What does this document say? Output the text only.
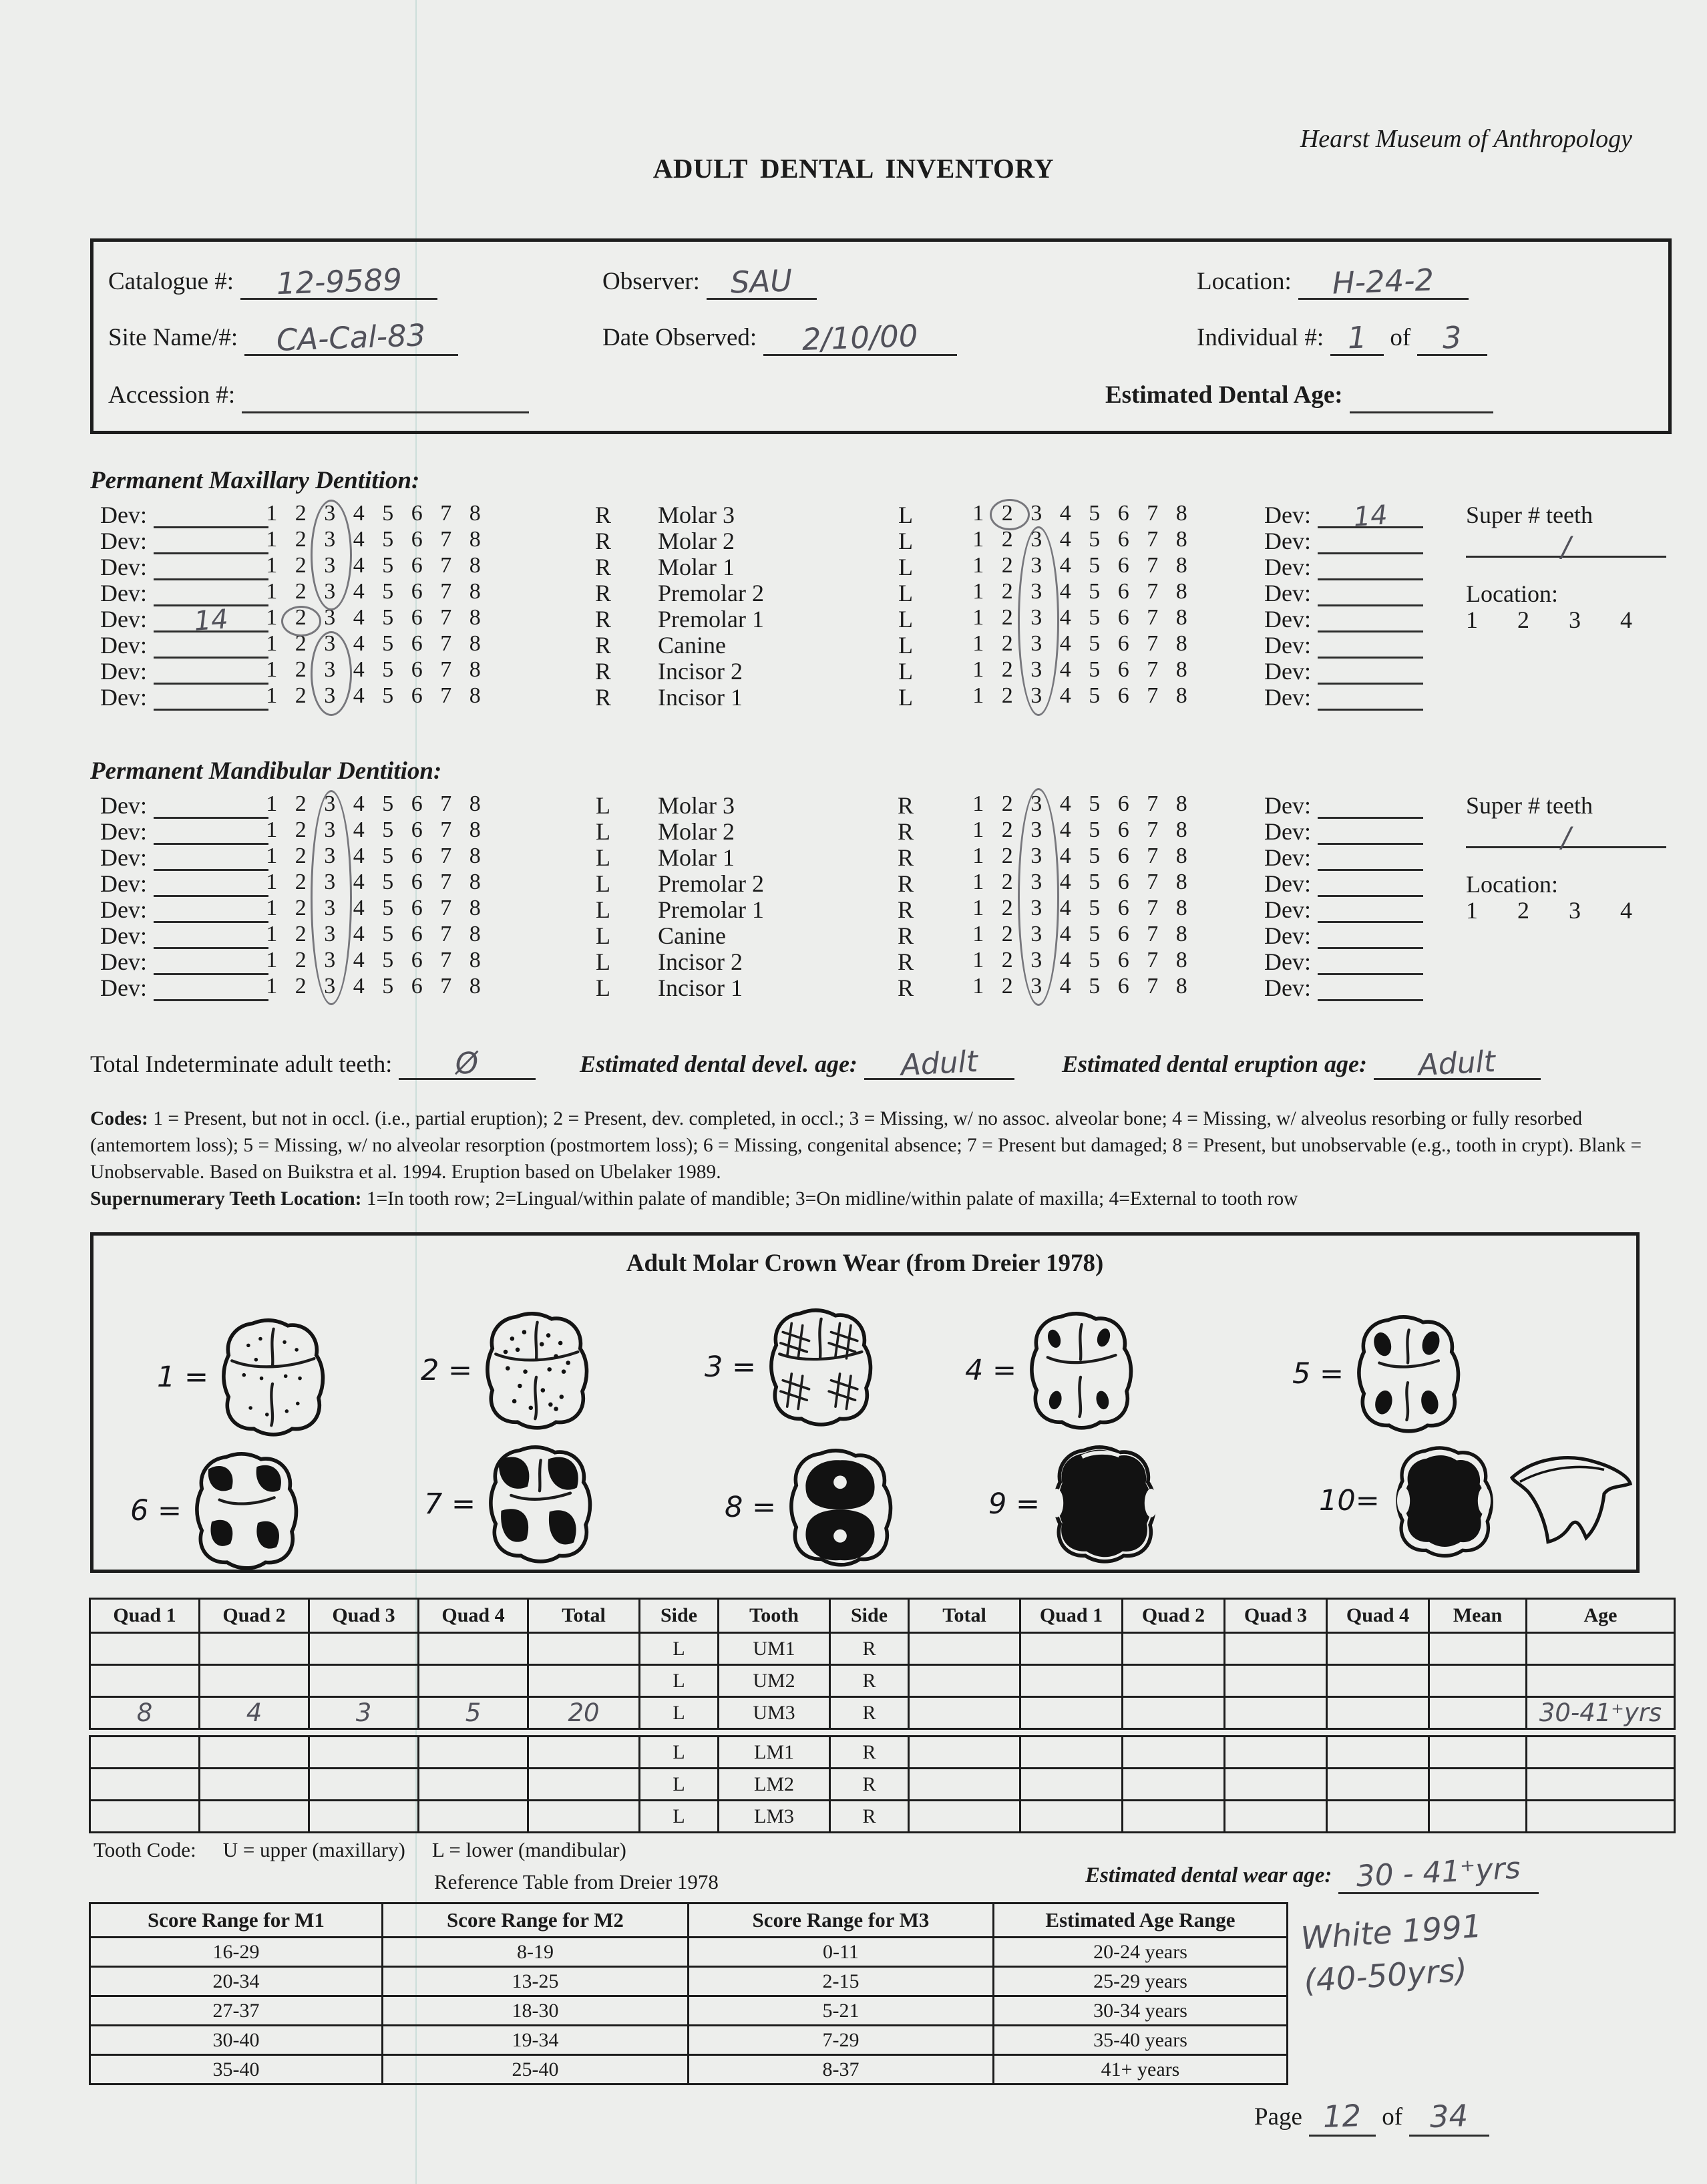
Hearst Museum of Anthropology
ADULT DENTAL INVENTORY
Catalogue #: 12-9589	Observer: SAU	Location: H-24-2
Site Name/#: CA-Cal-83	Date Observed: 2/10/00	Individual #: 1 of 3
Accession #:	Estimated Dental Age:
Permanent Maxillary Dentition:
Dev:	1 2 3 4 5 6 7 8	R	Molar 3	L	1 2 3 4 5 6 7 8	Dev: 14
Dev:	1 2 3 4 5 6 7 8	R	Molar 2	L	1 2 3 4 5 6 7 8	Dev:
Dev:	1 2 3 4 5 6 7 8	R	Molar 1	L	1 2 3 4 5 6 7 8	Dev:
Dev:	1 2 3 4 5 6 7 8	R	Premolar 2	L	1 2 3 4 5 6 7 8	Dev:
Dev: 14	1 2 3 4 5 6 7 8	R	Premolar 1	L	1 2 3 4 5 6 7 8	Dev:
Dev:	1 2 3 4 5 6 7 8	R	Canine	L	1 2 3 4 5 6 7 8	Dev:
Dev:	1 2 3 4 5 6 7 8	R	Incisor 2	L	1 2 3 4 5 6 7 8	Dev:
Dev:	1 2 3 4 5 6 7 8	R	Incisor 1	L	1 2 3 4 5 6 7 8	Dev:
Super # teeth
/
Location:
1	2	3	4
Permanent Mandibular Dentition:
Dev:	1 2 3 4 5 6 7 8	L	Molar 3	R	1 2 3 4 5 6 7 8	Dev:
Dev:	1 2 3 4 5 6 7 8	L	Molar 2	R	1 2 3 4 5 6 7 8	Dev:
Dev:	1 2 3 4 5 6 7 8	L	Molar 1	R	1 2 3 4 5 6 7 8	Dev:
Dev:	1 2 3 4 5 6 7 8	L	Premolar 2	R	1 2 3 4 5 6 7 8	Dev:
Dev:	1 2 3 4 5 6 7 8	L	Premolar 1	R	1 2 3 4 5 6 7 8	Dev:
Dev:	1 2 3 4 5 6 7 8	L	Canine	R	1 2 3 4 5 6 7 8	Dev:
Dev:	1 2 3 4 5 6 7 8	L	Incisor 2	R	1 2 3 4 5 6 7 8	Dev:
Dev:	1 2 3 4 5 6 7 8	L	Incisor 1	R	1 2 3 4 5 6 7 8	Dev:
Super # teeth
/
Location:
1	2	3	4
Total Indeterminate adult teeth: Ø	Estimated dental devel. age: Adult	Estimated dental eruption age: Adult

Codes: 1 = Present, but not in occl. (i.e., partial eruption); 2 = Present, dev. completed, in occl.; 3 = Missing, w/ no assoc. alveolar bone; 4 = Missing, w/ alveolus resorbing or fully resorbed (antemortem loss); 5 = Missing, w/ no alveolar resorption (postmortem loss); 6 = Missing, congenital absence; 7 = Present but damaged; 8 = Present, but unobservable (e.g., tooth in crypt). Blank = Unobservable. Based on Buikstra et al. 1994. Eruption based on Ubelaker 1989.

Supernumerary Teeth Location: 1=In tooth row; 2=Lingual/within palate of mandible; 3=On midline/within palate of maxilla; 4=External to tooth row

Adult Molar Crown Wear (from Dreier 1978)
1 =	2 =	3 =	4 =	5 =
6 =	7 =	8 =	9 =	10=
Quad 1	Quad 2	Quad 3	Quad 4	Total	Side	Tooth	Side	Total	Quad 1	Quad 2	Quad 3	Quad 4	Mean	Age
					L	UM1	R							
					L	UM2	R							
8	4	3	5	20	L	UM3	R							30-41⁺yrs
					L	LM1	R							
					L	LM2	R							
					L	LM3	R							
Tooth Code: U = upper (maxillary) L = lower (mandibular)
Reference Table from Dreier 1978	Estimated dental wear age: 30 - 41⁺yrs
Score Range for M1	Score Range for M2	Score Range for M3	Estimated Age Range
16-29	8-19	0-11	20-24 years
20-34	13-25	2-15	25-29 years
27-37	18-30	5-21	30-34 years
30-40	19-34	7-29	35-40 years
35-40	25-40	8-37	41+ years
White 1991
(40-50yrs)
Page 12 of 34
